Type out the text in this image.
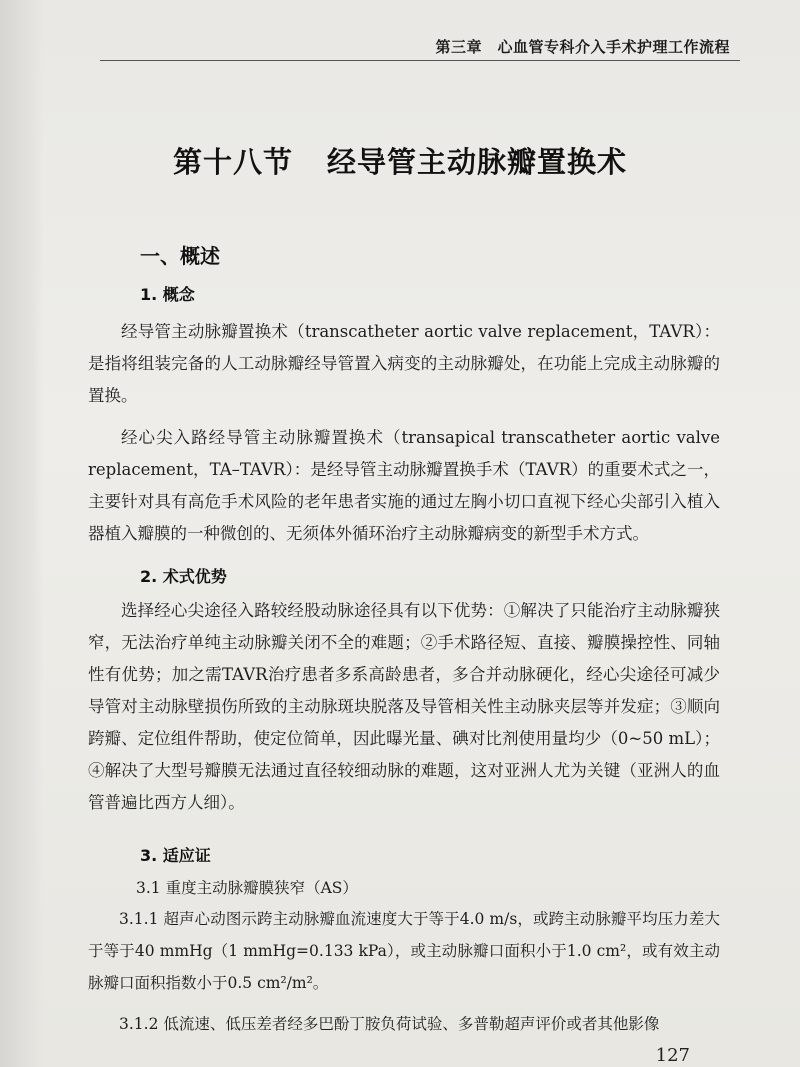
第三章　心血管专科介入手术护理工作流程
第十八节 经导管主动脉瓣置换术
一、概述
1. 概念

经导管主动脉瓣置换术（transcatheter aortic valve replacement，TAVR）：是指将组装完备的人工动脉瓣经导管置入病变的主动脉瓣处，在功能上完成主动脉瓣的置换。

经心尖入路经导管主动脉瓣置换术（transapical transcatheter aortic valve replacement，TA–TAVR）：是经导管主动脉瓣置换手术（TAVR）的重要术式之一，主要针对具有高危手术风险的老年患者实施的通过左胸小切口直视下经心尖部引入植入器植入瓣膜的一种微创的、无须体外循环治疗主动脉瓣病变的新型手术方式。

2. 术式优势

选择经心尖途径入路较经股动脉途径具有以下优势：①解决了只能治疗主动脉瓣狭窄，无法治疗单纯主动脉瓣关闭不全的难题；②手术路径短、直接、瓣膜操控性、同轴性有优势；加之需TAVR治疗患者多系高龄患者，多合并动脉硬化，经心尖途径可减少导管对主动脉壁损伤所致的主动脉斑块脱落及导管相关性主动脉夹层等并发症；③顺向跨瓣、定位组件帮助，使定位简单，因此曝光量、碘对比剂使用量均少（0~50 mL）；④解决了大型号瓣膜无法通过直径较细动脉的难题，这对亚洲人尤为关键（亚洲人的血管普遍比西方人细）。

3. 适应证

3.1 重度主动脉瓣膜狭窄（AS）

3.1.1 超声心动图示跨主动脉瓣血流速度大于等于4.0 m/s，或跨主动脉瓣平均压力差大于等于40 mmHg（1 mmHg=0.133 kPa），或主动脉瓣口面积小于1.0 cm²，或有效主动脉瓣口面积指数小于0.5 cm²/m²。

3.1.2 低流速、低压差者经多巴酚丁胺负荷试验、多普勒超声评价或者其他影像

127
